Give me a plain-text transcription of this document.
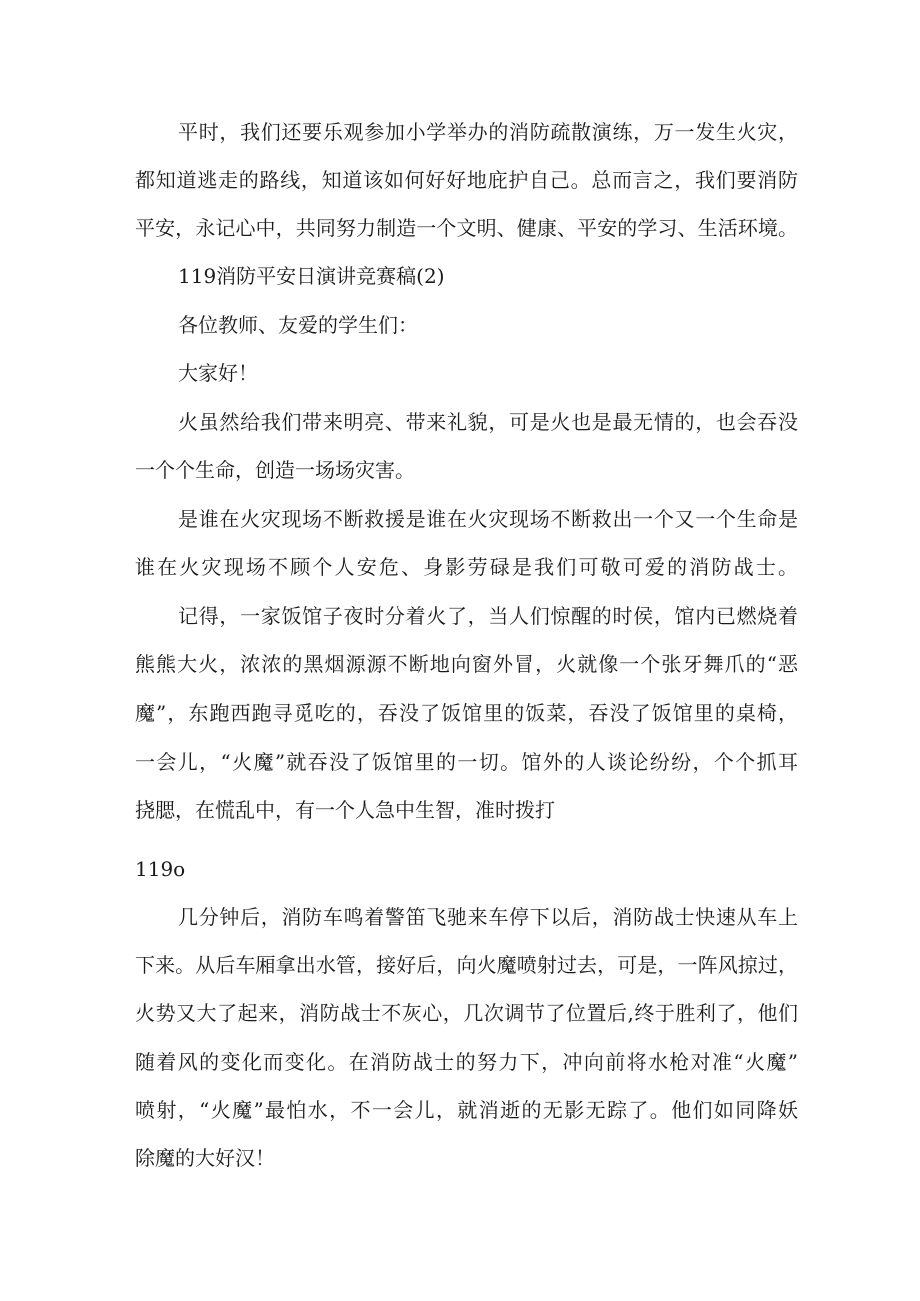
平时，我们还要乐观参加小学举办的消防疏散演练，万一发生火灾，

都知道逃走的路线，知道该如何好好地庇护自己。总而言之，我们要消防

平安，永记心中，共同努力制造一个文明、健康、平安的学习、生活环境。

119消防平安日演讲竞赛稿(2)

各位教师、友爱的学生们：

大家好！

火虽然给我们带来明亮、带来礼貌，可是火也是最无情的，也会吞没

一个个生命，创造一场场灾害。

是谁在火灾现场不断救援是谁在火灾现场不断救出一个又一个生命是

谁在火灾现场不顾个人安危、身影劳碌是我们可敬可爱的消防战士。

记得，一家饭馆子夜时分着火了，当人们惊醒的时侯，馆内已燃烧着

熊熊大火，浓浓的黑烟源源不断地向窗外冒，火就像一个张牙舞爪的“恶

魔”，东跑西跑寻觅吃的，吞没了饭馆里的饭菜，吞没了饭馆里的桌椅，

一会儿，“火魔”就吞没了饭馆里的一切。馆外的人谈论纷纷，个个抓耳

挠腮，在慌乱中，有一个人急中生智，准时拨打

119o

几分钟后，消防车鸣着警笛飞驰来车停下以后，消防战士快速从车上

下来。从后车厢拿出水管，接好后，向火魔喷射过去，可是，一阵风掠过，

火势又大了起来，消防战士不灰心，几次调节了位置后,终于胜利了，他们

随着风的变化而变化。在消防战士的努力下，冲向前将水枪对准“火魔”

喷射，“火魔”最怕水，不一会儿，就消逝的无影无踪了。他们如同降妖

除魔的大好汉！
